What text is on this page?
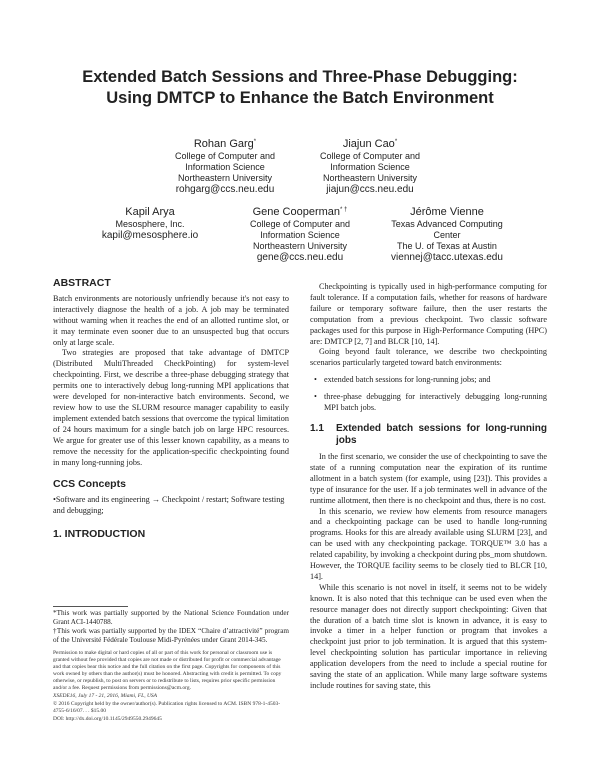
Extended Batch Sessions and Three-Phase Debugging:
Using DMTCP to Enhance the Batch Environment
Rohan Garg*
College of Computer and
Information Science
Northeastern University
rohgarg@ccs.neu.edu
Jiajun Cao*
College of Computer and
Information Science
Northeastern University
jiajun@ccs.neu.edu
Kapil Arya
Mesosphere, Inc.
kapil@mesosphere.io
Gene Cooperman* †
College of Computer and
Information Science
Northeastern University
gene@ccs.neu.edu
Jérôme Vienne
Texas Advanced Computing
Center
The U. of Texas at Austin
viennej@tacc.utexas.edu

ABSTRACT

Batch environments are notoriously unfriendly because it's not easy to interactively diagnose the health of a job. A job may be terminated without warning when it reaches the end of an allotted runtime slot, or it may terminate even sooner due to an unsuspected bug that occurs only at large scale.

Two strategies are proposed that take advantage of DMTCP (Distributed MultiThreaded CheckPointing) for system-level checkpointing. First, we describe a three-phase debugging strategy that permits one to interactively debug long-running MPI applications that were developed for non-interactive batch environments. Second, we review how to use the SLURM resource manager capability to easily implement extended batch sessions that overcome the typical limitation of 24 hours maximum for a single batch job on large HPC resources. We argue for greater use of this lesser known capability, as a means to remove the necessity for the application-specific checkpointing found in many long-running jobs.

CCS Concepts

•Software and its engineering → Checkpoint / restart; Software testing and debugging;

1. INTRODUCTION

*This work was partially supported by the National Science Foundation under Grant ACI-1440788.

†This work was partially supported by the IDEX “Chaire d’attractivité” program of the Université Fédérale Toulouse Midi-Pyrénées under Grant 2014-345.

Permission to make digital or hard copies of all or part of this work for personal or classroom use is granted without fee provided that copies are not made or distributed for profit or commercial advantage and that copies bear this notice and the full citation on the first page. Copyrights for components of this work owned by others than the author(s) must be honored. Abstracting with credit is permitted. To copy otherwise, or republish, to post on servers or to redistribute to lists, requires prior specific permission and/or a fee. Request permissions from permissions@acm.org.

XSEDE16, July 17 - 21, 2016, Miami, FL, USA

© 2016 Copyright held by the owner/author(s). Publication rights licensed to ACM. ISBN 978-1-4503-4755-6/16/07. . . $15.00

DOI: http://dx.doi.org/10.1145/2949550.2949645

Checkpointing is typically used in high-performance computing for fault tolerance. If a computation fails, whether for reasons of hardware failure or temporary software failure, then the user restarts the computation from a previous checkpoint. Two classic software packages used for this purpose in High-Performance Computing (HPC) are: DMTCP [2, 7] and BLCR [10, 14].

Going beyond fault tolerance, we describe two checkpointing scenarios particularly targeted toward batch environments:

• extended batch sessions for long-running jobs; and
• three-phase debugging for interactively debugging long-running MPI batch jobs.
1.1	Extended batch sessions for long-running jobs

In the first scenario, we consider the use of checkpointing to save the state of a running computation near the expiration of its runtime allotment in a batch system (for example, using [23]). This provides a type of insurance for the user. If a job terminates well in advance of the runtime allotment, then there is no checkpoint and thus, there is no cost.

In this scenario, we review how elements from resource managers and a checkpointing package can be used to handle long-running programs. Hooks for this are already available using SLURM [23], and can be used with any checkpointing package. TORQUE™ 3.0 has a related capability, by invoking a checkpoint during pbs_mom shutdown. However, the TORQUE facility seems to be closely tied to BLCR [10, 14].

While this scenario is not novel in itself, it seems not to be widely known. It is also noted that this technique can be used even when the resource manager does not directly support checkpointing: Given that the duration of a batch time slot is known in advance, it is easy to invoke a timer in a helper function or program that invokes a checkpoint just prior to job termination. It is argued that this system-level checkpointing solution has particular importance in relieving application developers from the need to include a special routine for saving the state of an application. While many large software systems include routines for saving state, this
